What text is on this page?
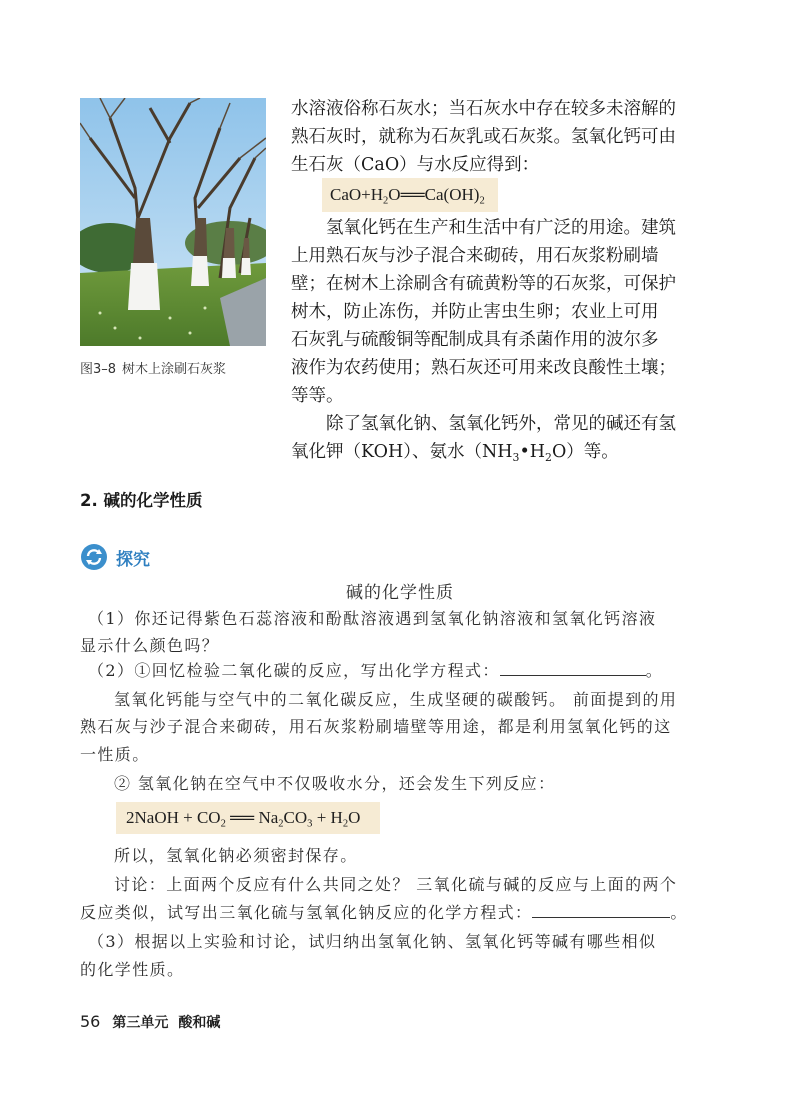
图3–8 树木上涂刷石灰浆
水溶液俗称石灰水；当石灰水中存在较多未溶解的
熟石灰时，就称为石灰乳或石灰浆。氢氧化钙可由
生石灰（CaO）与水反应得到：
$CaO+H_2O══Ca(OH)_2$
氢氧化钙在生产和生活中有广泛的用途。建筑
上用熟石灰与沙子混合来砌砖，用石灰浆粉刷墙
壁；在树木上涂刷含有硫黄粉等的石灰浆，可保护
树木，防止冻伤，并防止害虫生卵；农业上可用
石灰乳与硫酸铜等配制成具有杀菌作用的波尔多
液作为农药使用；熟石灰还可用来改良酸性土壤；
等等。
除了氢氧化钠、氢氧化钙外，常见的碱还有氢
氧化钾（KOH）、氨水$(NH_3•H_2O)$等。
2. 碱的化学性质
探究
碱的化学性质
（1）你还记得紫色石蕊溶液和酚酞溶液遇到氢氧化钠溶液和氢氧化钙溶液
显示什么颜色吗？
（2）①回忆检验二氧化碳的反应，写出化学方程式：	。
氢氧化钙能与空气中的二氧化碳反应，生成坚硬的碳酸钙。 前面提到的用
熟石灰与沙子混合来砌砖，用石灰浆粉刷墙壁等用途，都是利用氢氧化钙的这
一性质。
② 氢氧化钠在空气中不仅吸收水分，还会发生下列反应：
2NaOH + $CO_2$ ══ $Na_2CO_3 + H_2O$
所以，氢氧化钠必须密封保存。
讨论：上面两个反应有什么共同之处？ 三氧化硫与碱的反应与上面的两个
反应类似，试写出三氧化硫与氢氧化钠反应的化学方程式：	。
（3）根据以上实验和讨论，试归纳出氢氧化钠、氢氧化钙等碱有哪些相似
的化学性质。
56 第三单元 酸和碱
